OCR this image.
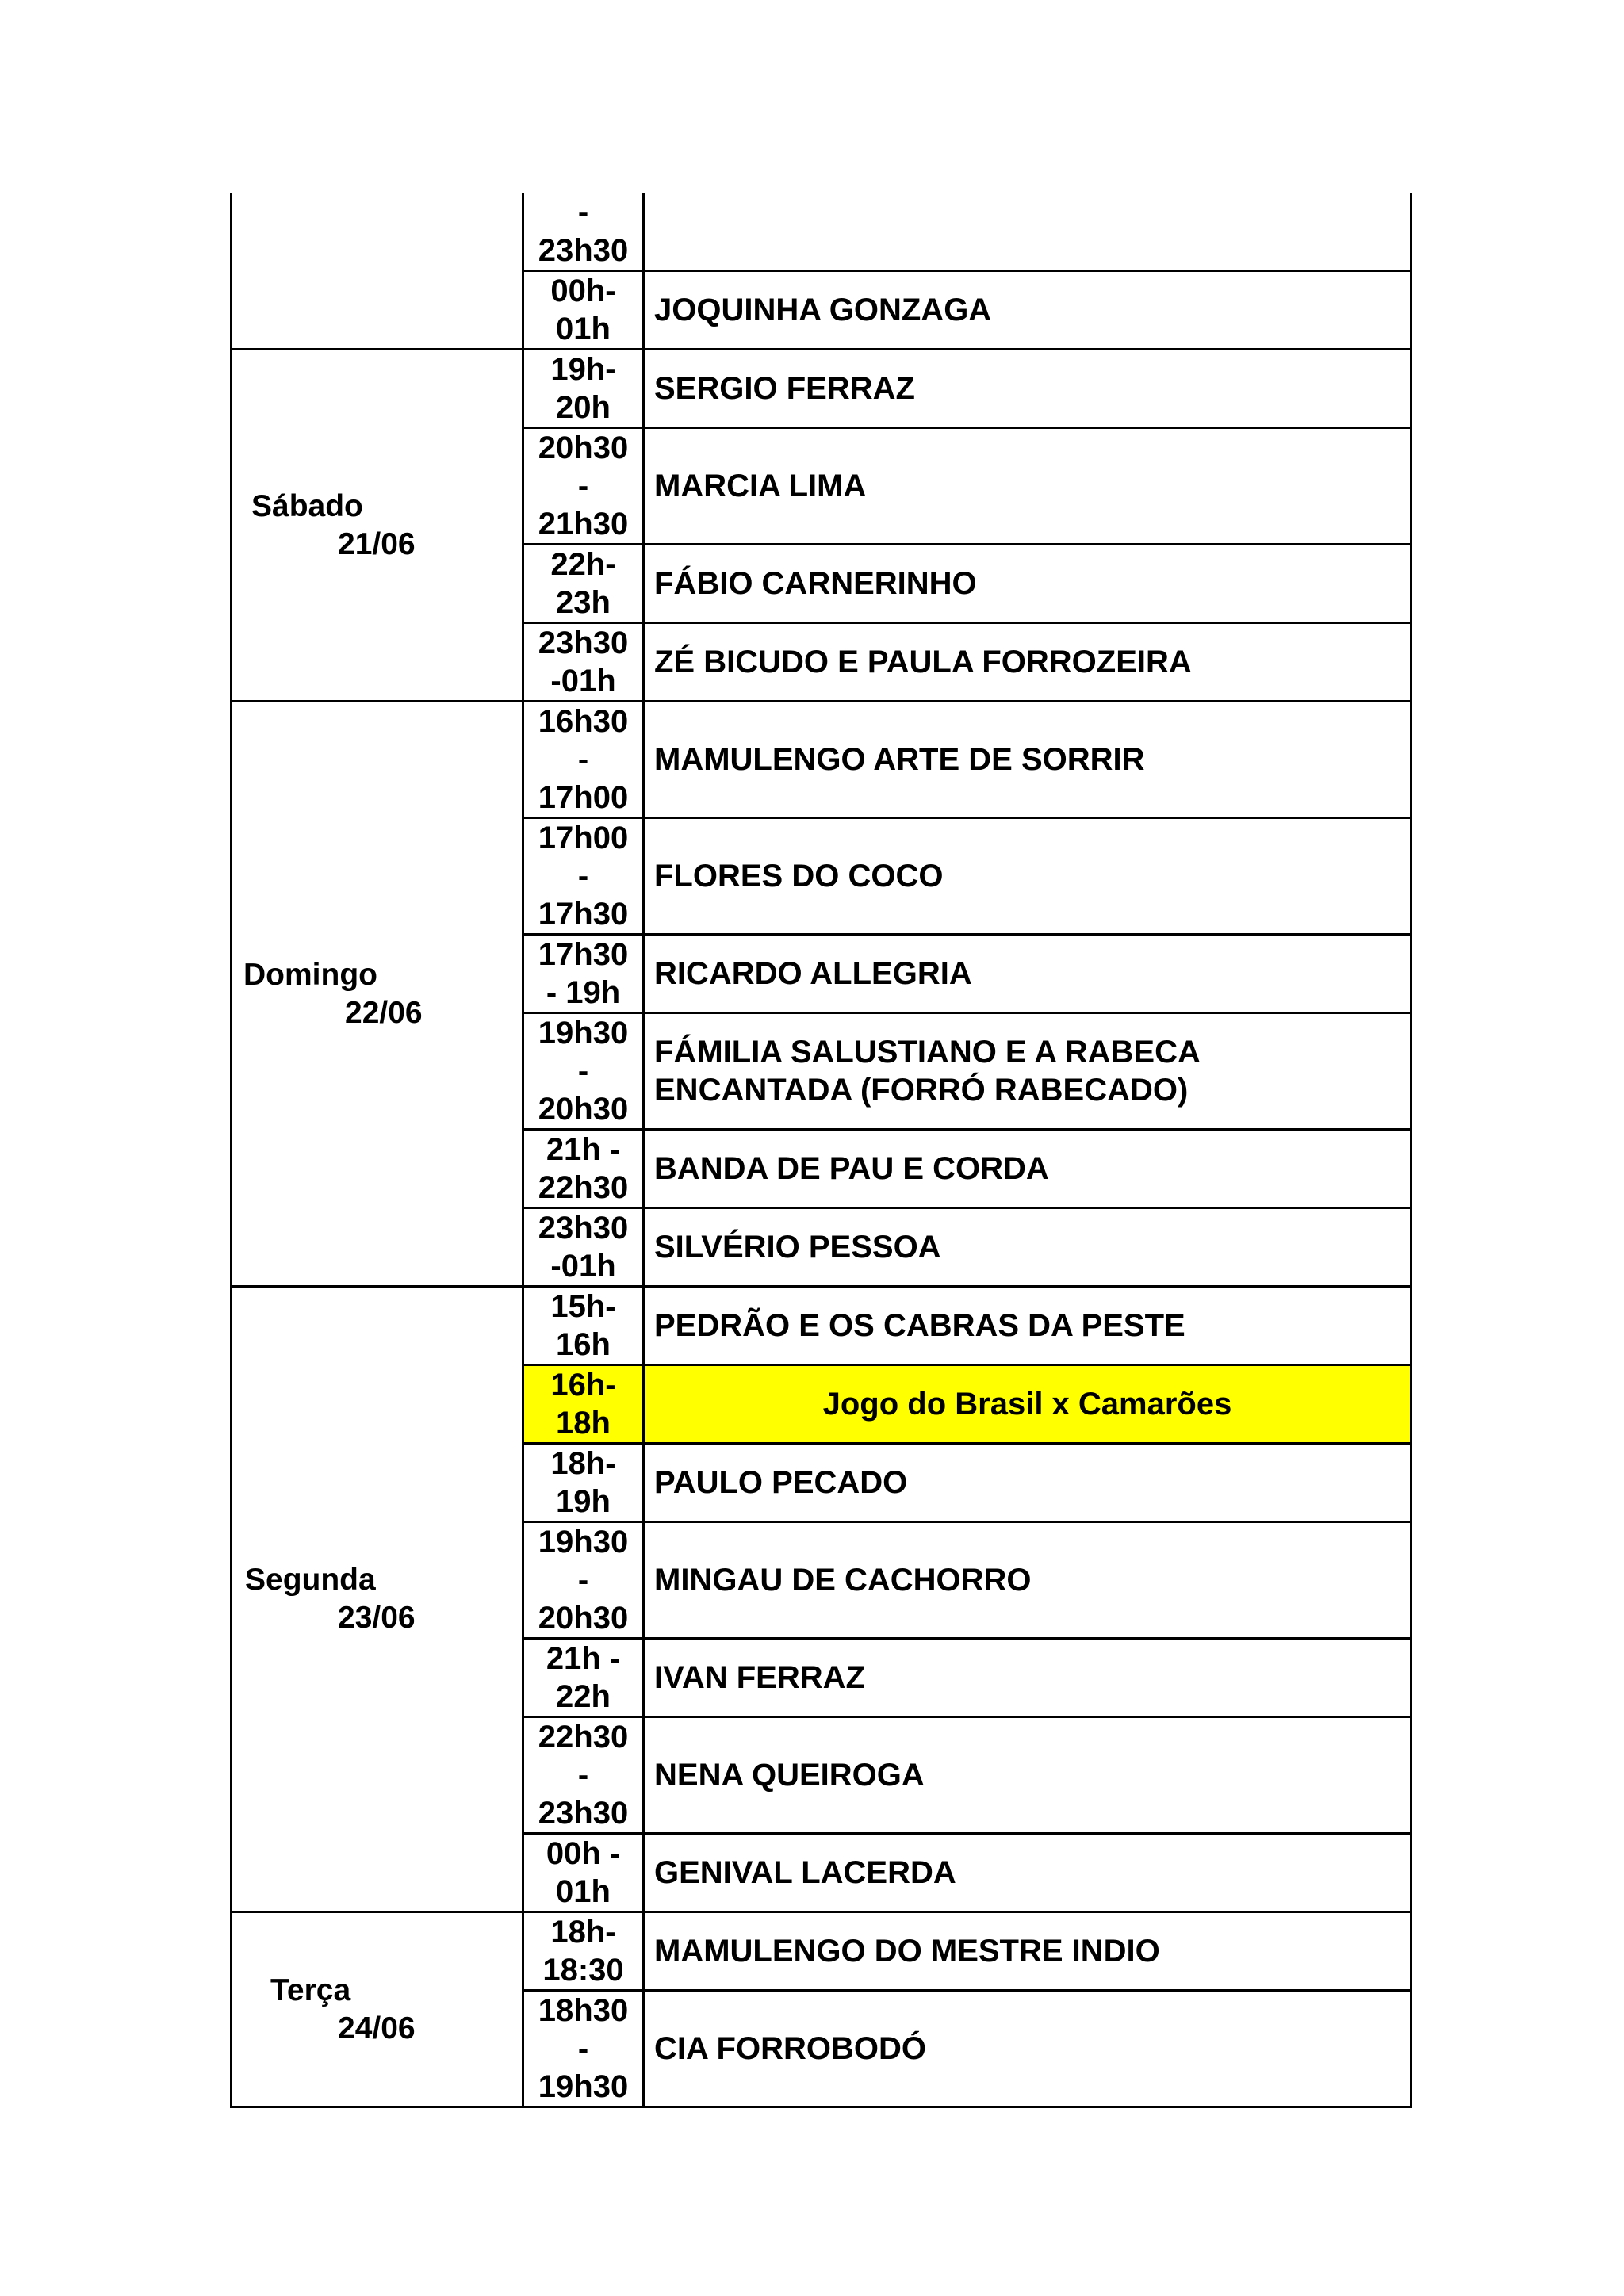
	-
23h30	

	00h-
01h	JOQUINHA GONZAGA

Sábado
21/06	19h-
20h	SERGIO FERRAZ

	20h30
-
21h30	MARCIA LIMA

	22h-
23h	FÁBIO CARNERINHO

	23h30
-01h	ZÉ BICUDO E PAULA FORROZEIRA

Domingo
22/06	16h30
-
17h00	MAMULENGO ARTE DE SORRIR

	17h00
-
17h30	FLORES DO COCO

	17h30
- 19h	RICARDO ALLEGRIA

	19h30
-
20h30	FÁMILIA SALUSTIANO E A RABECA
ENCANTADA (FORRÓ RABECADO)

	21h -
22h30	BANDA DE PAU E CORDA

	23h30
-01h	SILVÉRIO PESSOA

Segunda
23/06	15h-
16h	PEDRÃO E OS CABRAS DA PESTE

	16h-
18h	Jogo do Brasil x Camarões

	18h-
19h	PAULO PECADO

	19h30
-
20h30	MINGAU DE CACHORRO

	21h -
22h	IVAN FERRAZ

	22h30
-
23h30	NENA QUEIROGA

	00h -
01h	GENIVAL LACERDA

Terça
24/06	18h-
18:30	MAMULENGO DO MESTRE INDIO

	18h30
-
19h30	CIA FORROBODÓ
